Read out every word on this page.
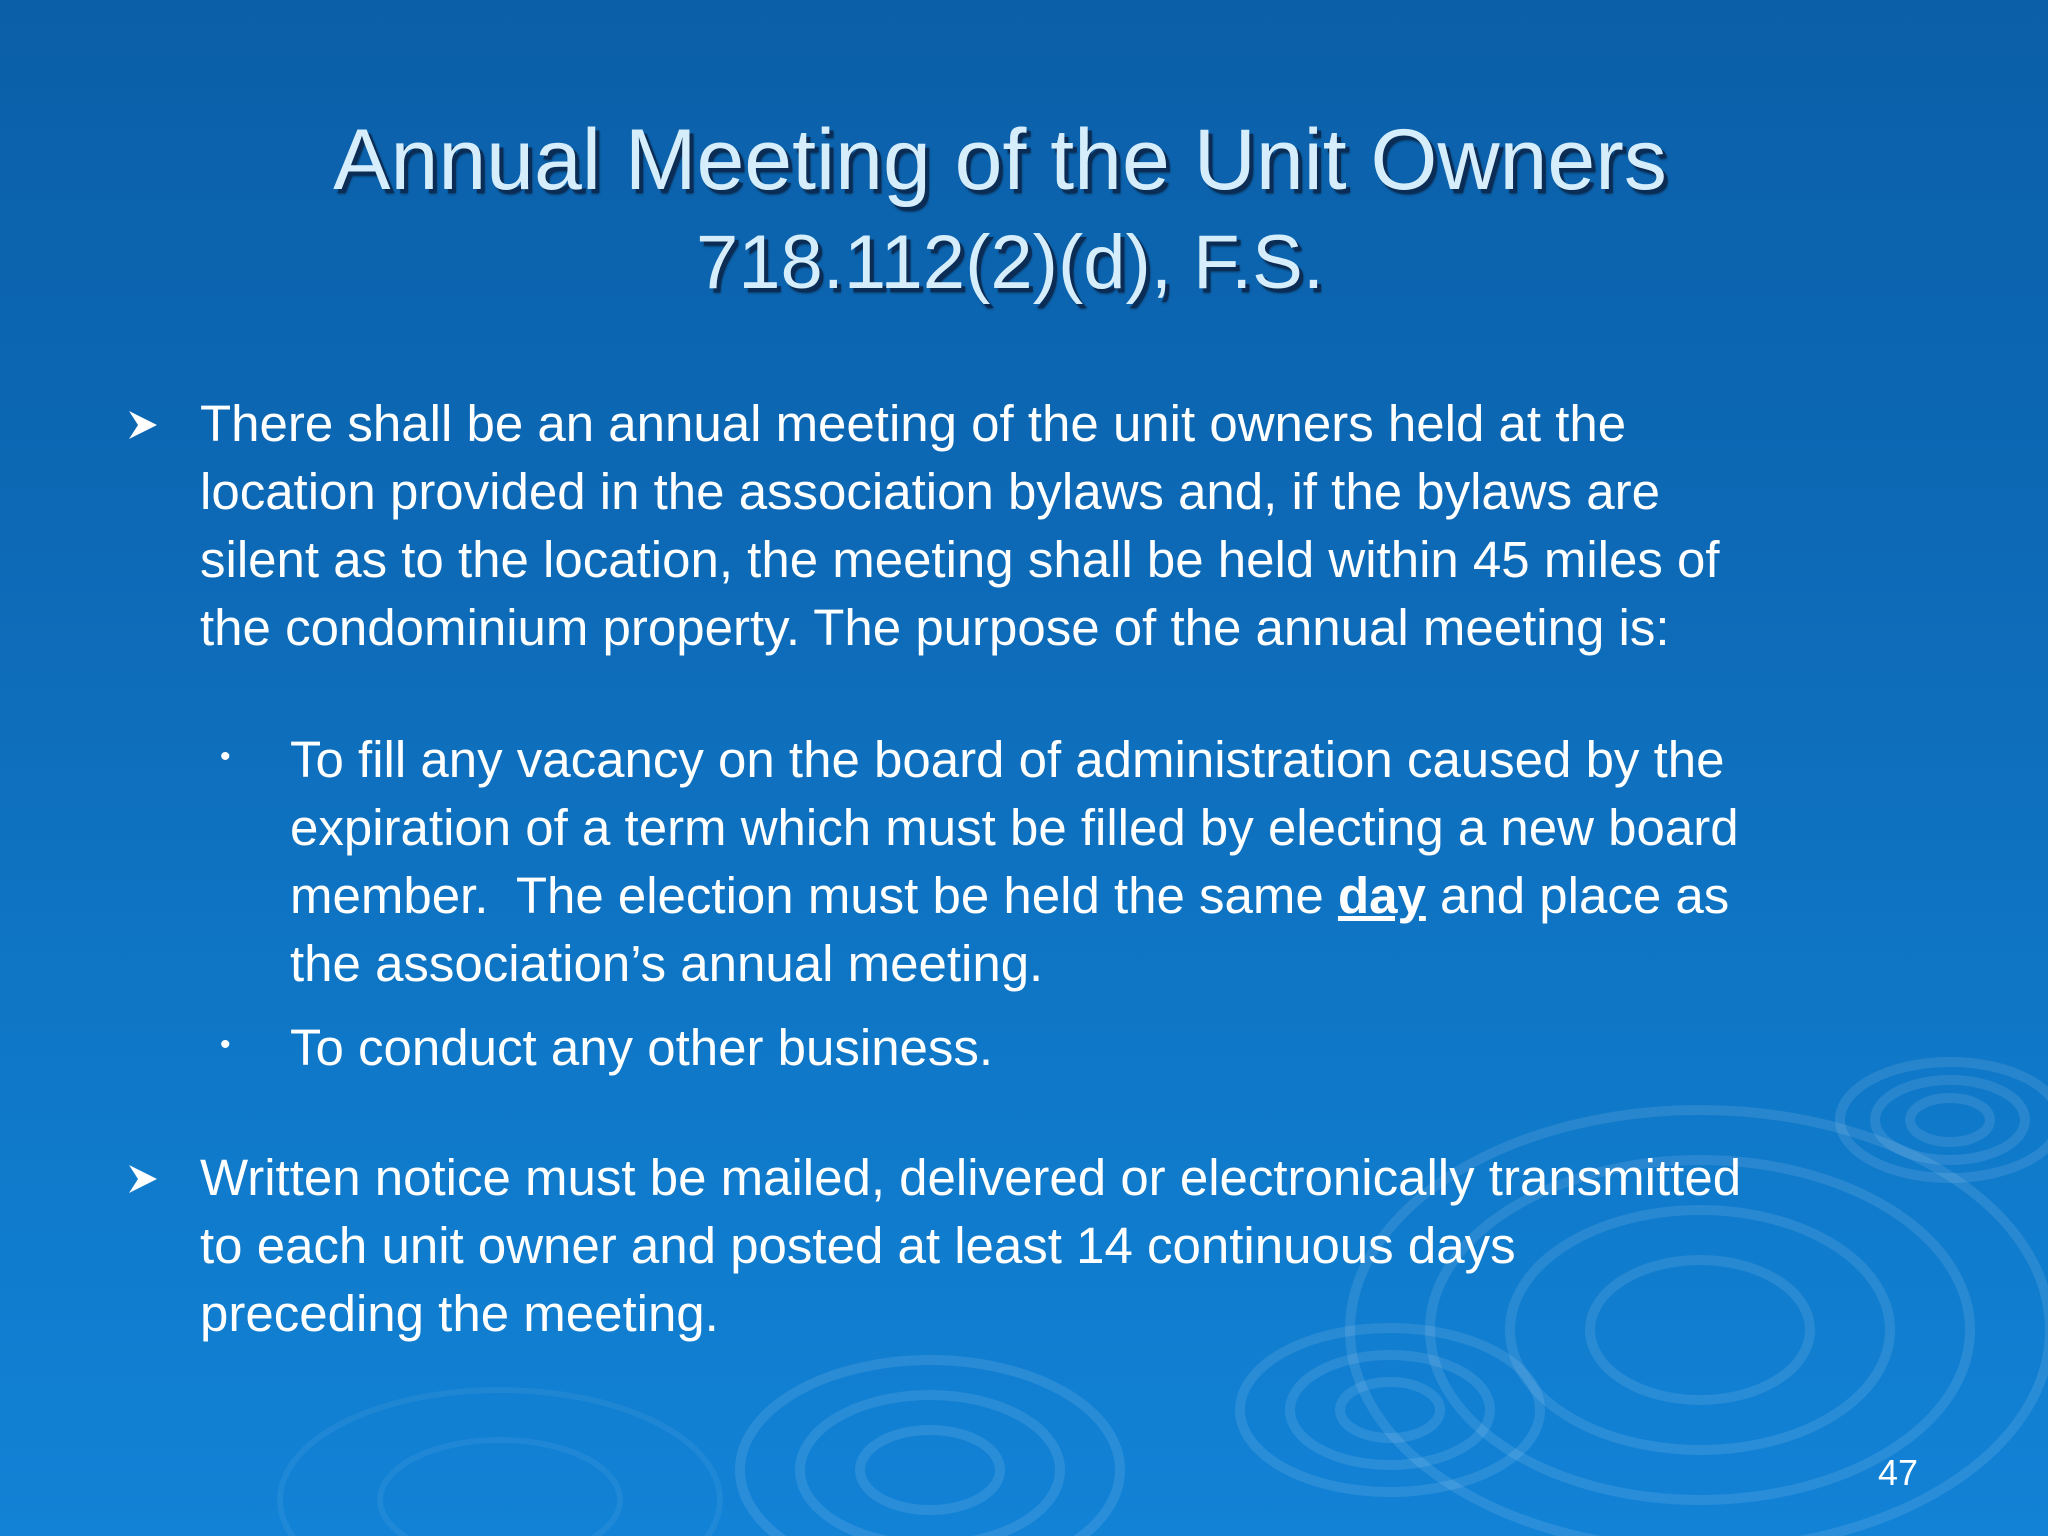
Annual Meeting of the Unit Owners
718.112(2)(d), F.S.
There shall be an annual meeting of the unit owners held at the
location provided in the association bylaws and, if the bylaws are
silent as to the location, the meeting shall be held within 45 miles of
the condominium property. The purpose of the annual meeting is:
• To fill any vacancy on the board of administration caused by the
expiration of a term which must be filled by electing a new board
member.  The election must be held the same day and place as
the association’s annual meeting.
• To conduct any other business.
Written notice must be mailed, delivered or electronically transmitted
to each unit owner and posted at least 14 continuous days
preceding the meeting.
47
